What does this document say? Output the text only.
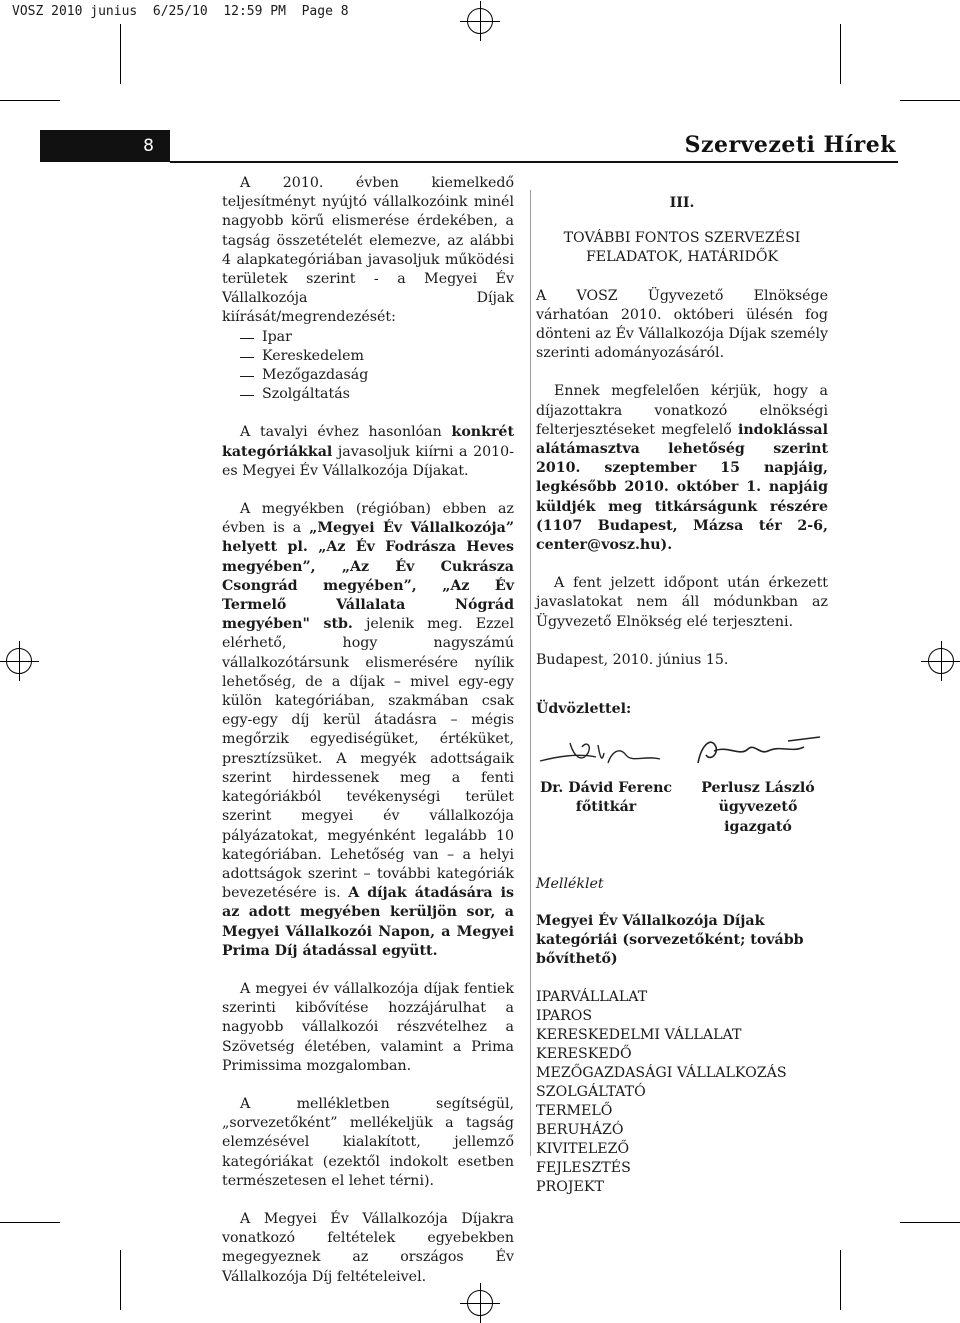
VOSZ 2010 junius  6/25/10  12:59 PM  Page 8
8	Szervezeti Hírek

A 2010. évben kiemelkedő teljesítményt nyújtó vállalkozóink minél nagyobb körű elismerése érdekében, a tagság összetételét elemezve, az alábbi 4 alapkategóriában javasoljuk működési területek szerint - a Megyei Év Vállalkozója Díjak kiírását/megrendezését:

Ipar
Kereskedelem
Mezőgazdaság
Szolgáltatás

A tavalyi évhez hasonlóan konkrét kategóriákkal javasoljuk kiírni a 2010-es Megyei Év Vállalkozója Díjakat.

A megyékben (régióban) ebben az évben is a „Megyei Év Vállalkozója” helyett pl. „Az Év Fodrásza Heves megyében”, „Az Év Cukrásza Csongrád megyében”, „Az Év Termelő Vállalata Nógrád megyében" stb. jelenik meg. Ezzel elérhető, hogy nagyszámú vállalkozótársunk elismerésére nyílik lehetőség, de a díjak – mivel egy-egy külön kategóriában, szakmában csak egy-egy díj kerül átadásra – mégis megőrzik egyediségüket, értéküket, presztízsüket. A megyék adottságaik szerint hirdessenek meg a fenti kategóriákból tevékenységi terület szerint megyei év vállalkozója pályázatokat, megyénként legalább 10 kategóriában. Lehetőség van – a helyi adottságok szerint – további kategóriák bevezetésére is. A díjak átadására is az adott megyében kerüljön sor, a Megyei Vállalkozói Napon, a Megyei Prima Díj átadással együtt.

A megyei év vállalkozója díjak fentiek szerinti kibővítése hozzájárulhat a nagyobb vállalkozói részvételhez a Szövetség életében, valamint a Prima Primissima mozgalomban.

A mellékletben segítségül, „sorvezetőként” mellékeljük a tagság elemzésével kialakított, jellemző kategóriákat (ezektől indokolt esetben természetesen el lehet térni).

A Megyei Év Vállalkozója Díjakra vonatkozó feltételek egyebekben megegyeznek az országos Év Vállalkozója Díj feltételeivel.

III.

TOVÁBBI FONTOS SZERVEZÉSI FELADATOK, HATÁRIDŐK

A VOSZ Ügyvezető Elnöksége várhatóan 2010. októberi ülésén fog dönteni az Év Vállalkozója Díjak személy szerinti adományozásáról.

Ennek megfelelően kérjük, hogy a díjazottakra vonatkozó elnökségi felterjesztéseket megfelelő indoklással alátámasztva lehetőség szerint 2010. szeptember 15 napjáig, legkésőbb 2010. október 1. napjáig küldjék meg titkárságunk részére (1107 Budapest, Mázsa tér 2-6, center@vosz.hu).

A fent jelzett időpont után érkezett javaslatokat nem áll módunkban az Ügyvezető Elnökség elé terjeszteni.

Budapest, 2010. június 15.

Üdvözlettel:

Dr. Dávid Ferenc
főtitkár
Perlusz László
ügyvezető
igazgató

Melléklet

Megyei Év Vállalkozója Díjak kategóriái (sorvezetőként; tovább bővíthető)

IPARVÁLLALAT
IPAROS
KERESKEDELMI VÁLLALAT
KERESKEDŐ
MEZŐGAZDASÁGI VÁLLALKOZÁS
SZOLGÁLTATÓ
TERMELŐ
BERUHÁZÓ
KIVITELEZŐ
FEJLESZTÉS
PROJEKT
